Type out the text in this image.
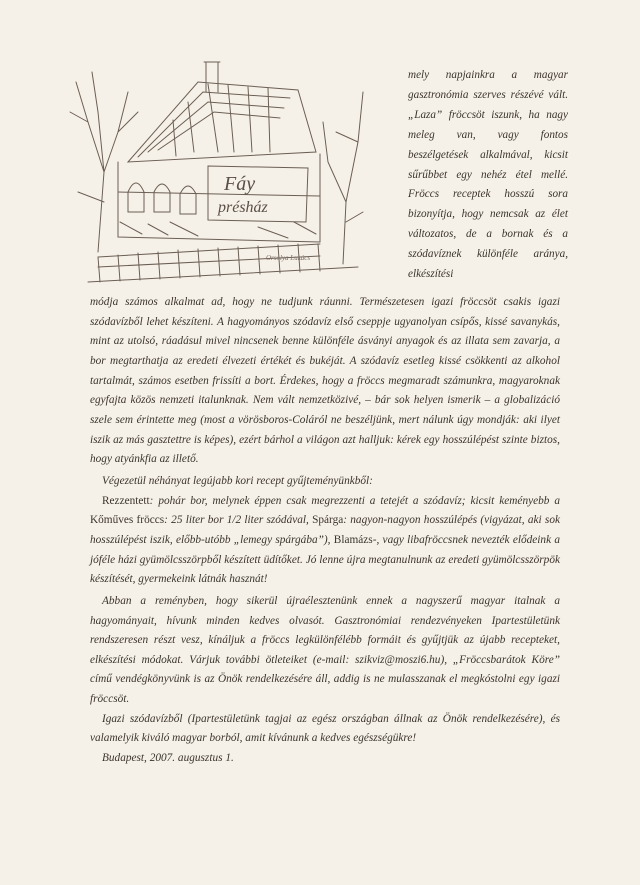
Fáy
présház
Orsolya Lukács

mely napjainkra a magyar gasztronómia szerves részévé vált. „Laza” fröccsöt iszunk, ha nagy meleg van, vagy fontos beszélgetések alkalmával, kicsit sűrűbbet egy nehéz étel mellé. Fröccs receptek hosszú sora bizonyítja, hogy nemcsak az élet változatos, de a bornak és a szódavíznek különféle aránya, elkészítési

módja számos alkalmat ad, hogy ne tudjunk ráunni. Természetesen igazi fröccsöt csakis igazi szódavízből lehet készíteni. A hagyományos szódavíz első cseppje ugyanolyan csípős, kissé savanykás, mint az utolsó, ráadásul mivel nincsenek benne különféle ásványi anyagok és az illata sem zavarja, a bor megtarthatja az eredeti élvezeti értékét és bukéját. A szódavíz esetleg kissé csökkenti az alkohol tartalmát, számos esetben frissíti a bort. Érdekes, hogy a fröccs megmaradt számunkra, magyaroknak egyfajta közös nemzeti italunknak. Nem vált nemzetközivé, – bár sok helyen ismerik – a globalizáció szele sem érintette meg (most a vörösboros-Coláról ne beszéljünk, mert nálunk úgy mondják: aki ilyet iszik az más gasztettre is képes), ezért bárhol a világon azt halljuk: kérek egy hosszúlépést szinte biztos, hogy atyánkfia az illető.

Végezetül néhányat legújabb kori recept gyűjteményünkből:

Rezzentett: pohár bor, melynek éppen csak megrezzenti a tetejét a szódavíz; kicsit keményebb a Kőműves fröccs: 25 liter bor 1/2 liter szódával, Spárga: nagyon-nagyon hosszúlépés (vigyázat, aki sok hosszúlépést iszik, előbb-utóbb „lemegy spárgába”), Blamázs-, vagy libafröccsnek nevezték elődeink a jóféle házi gyümölcsszörpből készített üdítőket. Jó lenne újra megtanulnunk az eredeti gyümölcsszörpök készítését, gyermekeink látnák hasznát!

Abban a reményben, hogy sikerül újraélesztenünk ennek a nagyszerű magyar italnak a hagyományait, hívunk minden kedves olvasót. Gasztronómiai rendezvényeken Ipartestületünk rendszeresen részt vesz, kínáljuk a fröccs legkülönfélébb formáit és gyűjtjük az újabb recepteket, elkészítési módokat. Várjuk további ötleteiket (e-mail: szikviz@moszi6.hu), „Fröccsbarátok Köre” című vendégkönyvünk is az Önök rendelkezésére áll, addig is ne mulasszanak el megkóstolni egy igazi fröccsöt.

Igazi szódavízből (Ipartestületünk tagjai az egész országban állnak az Önök rendelkezésére), és valamelyik kiváló magyar borból, amit kívánunk a kedves egészségükre!

Budapest, 2007. augusztus 1.
